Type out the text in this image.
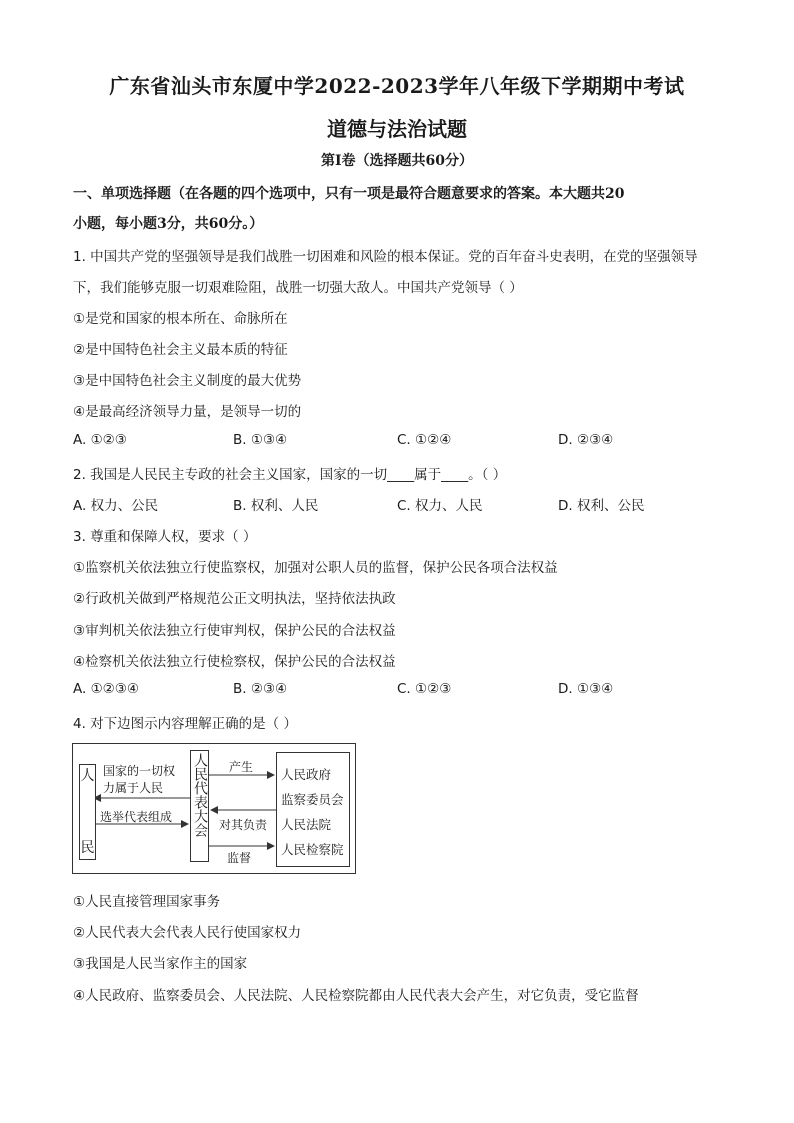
广东省汕头市东厦中学2022-2023学年八年级下学期期中考试
道德与法治试题
第Ⅰ卷（选择题共60分）
一、单项选择题（在各题的四个选项中，只有一项是最符合题意要求的答案。本大题共20
小题，每小题3分，共60分。）
1. 中国共产党的坚强领导是我们战胜一切困难和风险的根本保证。党的百年奋斗史表明，在党的坚强领导
下，我们能够克服一切艰难险阻，战胜一切强大敌人。中国共产党领导（ ）
①是党和国家的根本所在、命脉所在
②是中国特色社会主义最本质的特征
③是中国特色社会主义制度的最大优势
④是最高经济领导力量，是领导一切的
A. ①②③	B. ①③④	C. ①②④	D. ②③④
2. 我国是人民民主专政的社会主义国家，国家的一切____属于____。（ ）
A. 权力、公民	B. 权利、人民	C. 权力、人民	D. 权利、公民
3. 尊重和保障人权，要求（ ）
①监察机关依法独立行使监察权，加强对公职人员的监督，保护公民各项合法权益
②行政机关做到严格规范公正文明执法，坚持依法执政
③审判机关依法独立行使审判权，保护公民的合法权益
④检察机关依法独立行使检察权，保护公民的合法权益
A. ①②③④	B. ②③④	C. ①②③	D. ①③④
4. 对下边图示内容理解正确的是（ ）
人
民
人民代表大会	人民政府
监察委员会
人民法院
人民检察院
国家的一切权
力属于人民
选举代表组成
产生
对其负责
监督
①人民直接管理国家事务
②人民代表大会代表人民行使国家权力
③我国是人民当家作主的国家
④人民政府、监察委员会、人民法院、人民检察院都由人民代表大会产生，对它负责，受它监督
